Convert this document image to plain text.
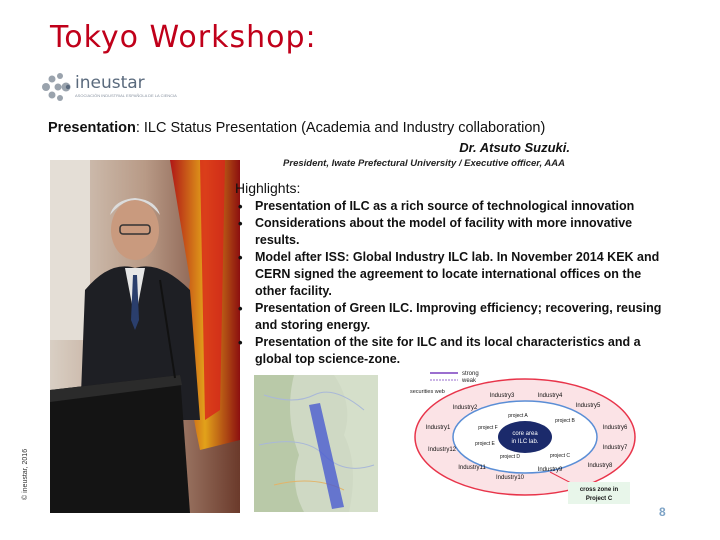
Tokyo Workshop:
ineustar
ASOCIACIÓN INDUSTRIAL ESPAÑOLA DE LA CIENCIA
Presentation: ILC Status Presentation (Academia and Industry collaboration)
Dr. Atsuto Suzuki.
President, Iwate Prefectural University / Executive officer, AAA
Highlights:
• Presentation of ILC as a rich source of technological innovation
• Considerations about the model of facility with more innovative results.
• Model after ISS: Global Industry ILC lab. In November 2014 KEK and CERN signed the agreement to locate international offices on the other facility.
• Presentation of Green ILC. Improving efficiency; recovering, reusing and storing energy.
• Presentation of the site for ILC and its local characteristics and a global top science-zone.
strong
weak
securities web
core area
in ILC lab.
Industry3	Industry4
Industry5
Industry6
Industry7
Industry8
Industry9
Industry10
Industry11
Industry12
Industry1
Industry2
project A
project B
project C
project D
project E
project F
cross zone in
Project C
© ineustar, 2016
8
